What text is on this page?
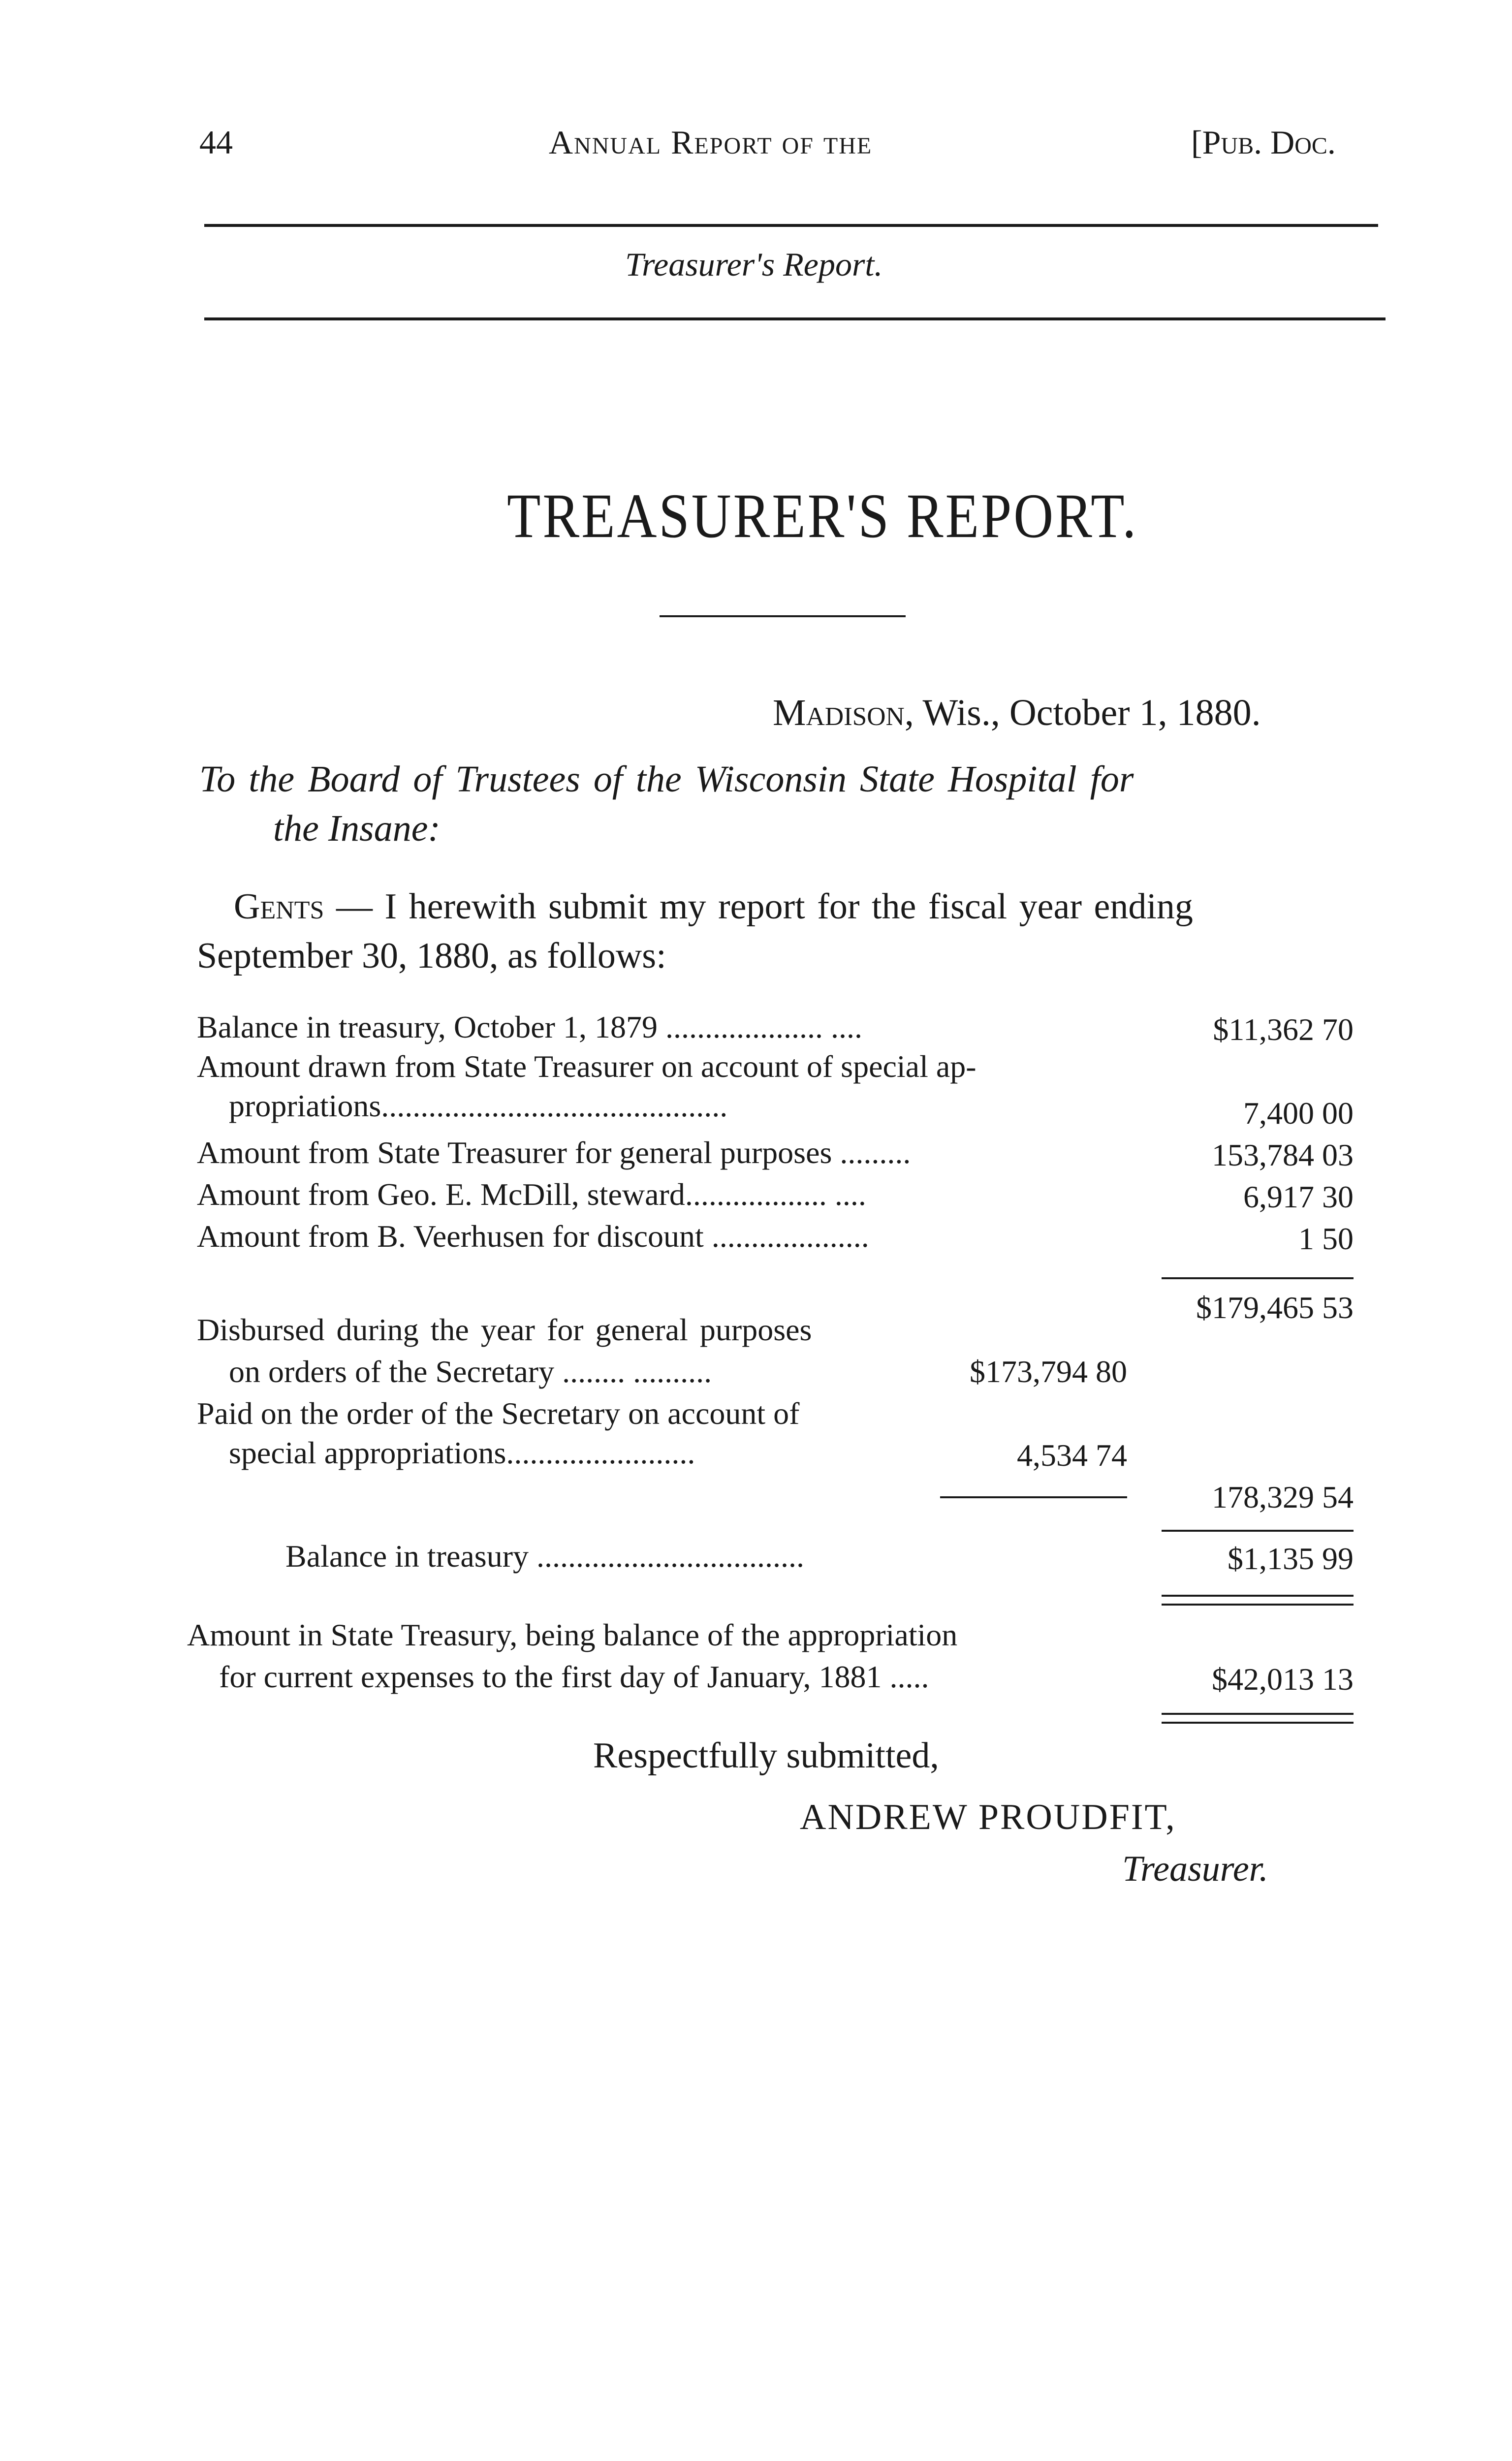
44	Annual Report of the	[Pub. Doc.
Treasurer's Report.
TREASURER'S REPORT.
Madison, Wis., October 1, 1880.
To the Board of Trustees of the Wisconsin State Hospital for
the Insane:
Gents — I herewith submit my report for the fiscal year ending
September 30, 1880, as follows:
Balance in treasury, October 1, 1879 .................... ....	$11,362 70
Amount drawn from State Treasurer on account of special ap-
propriations............................................	7,400 00
Amount from State Treasurer for general purposes .........	153,784 03
Amount from Geo. E. McDill, steward.................. ....	6,917 30
Amount from B. Veerhusen for discount ....................	1 50
$179,465 53
Disbursed during the year for general purposes
on orders of the Secretary ........ ..........	$173,794 80
Paid on the order of the Secretary on account of
special appropriations........................	4,534 74
178,329 54
Balance in treasury ..................................	$1,135 99
Amount in State Treasury, being balance of the appropriation
for current expenses to the first day of January, 1881 .....	$42,013 13
Respectfully submitted,
ANDREW PROUDFIT,
Treasurer.
